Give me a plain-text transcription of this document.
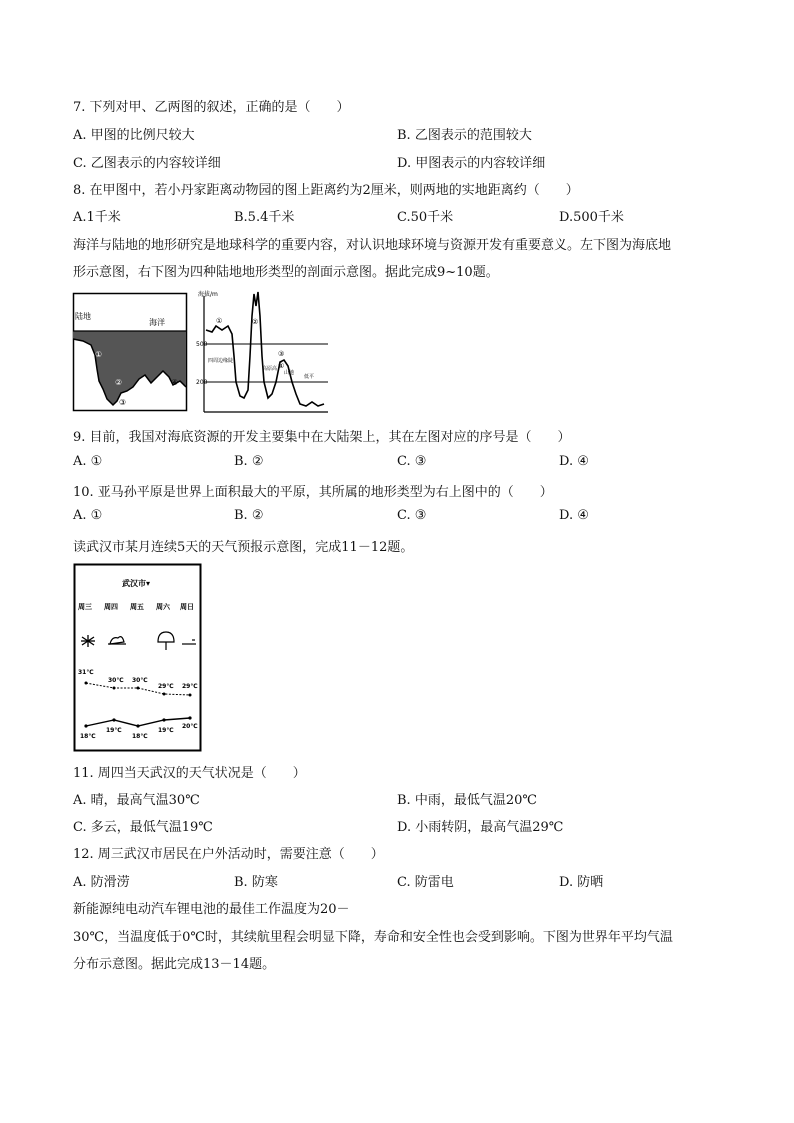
7. 下列对甲、乙两图的叙述，正确的是（　　）
A. 甲图的比例尺较大	B. 乙图表示的范围较大
C. 乙图表示的内容较详细	D. 甲图表示的内容较详细
8. 在甲图中，若小丹家距离动物园的图上距离约为2厘米，则两地的实地距离约（　　）
A.1千米	B.5.4千米	C.50千米	D.500千米
海洋与陆地的地形研究是地球科学的重要内容，对认识地球环境与资源开发有重要意义。左下图为海底地
形示意图，右下图为四种陆地地形类型的剖面示意图。据此完成9~10题。
陆地
海洋
①
②
③
④
海拔/m
500
200
①	②
③
④
四周边缘陡
高原高
山地
低平
9. 目前，我国对海底资源的开发主要集中在大陆架上，其在左图对应的序号是（　　）
A. ①	B. ②	C. ③	D. ④
10. 亚马孙平原是世界上面积最大的平原，其所属的地形类型为右上图中的（　　）
A. ①	B. ②	C. ③	D. ④
读武汉市某月连续5天的天气预报示意图，完成11－12题。
武汉市▾
周三 周四 周五 周六 周日
31℃
30℃ 30℃
29℃ 29℃
18℃
19℃
18℃
19℃
20℃
11. 周四当天武汉的天气状况是（　　）
A. 晴，最高气温30℃	B. 中雨，最低气温20℃
C. 多云，最低气温19℃	D. 小雨转阴，最高气温29℃
12. 周三武汉市居民在户外活动时，需要注意（　　）
A. 防滑涝	B. 防寒	C. 防雷电	D. 防晒
新能源纯电动汽车锂电池的最佳工作温度为20－
30℃，当温度低于0℃时，其续航里程会明显下降，寿命和安全性也会受到影响。下图为世界年平均气温
分布示意图。据此完成13－14题。
